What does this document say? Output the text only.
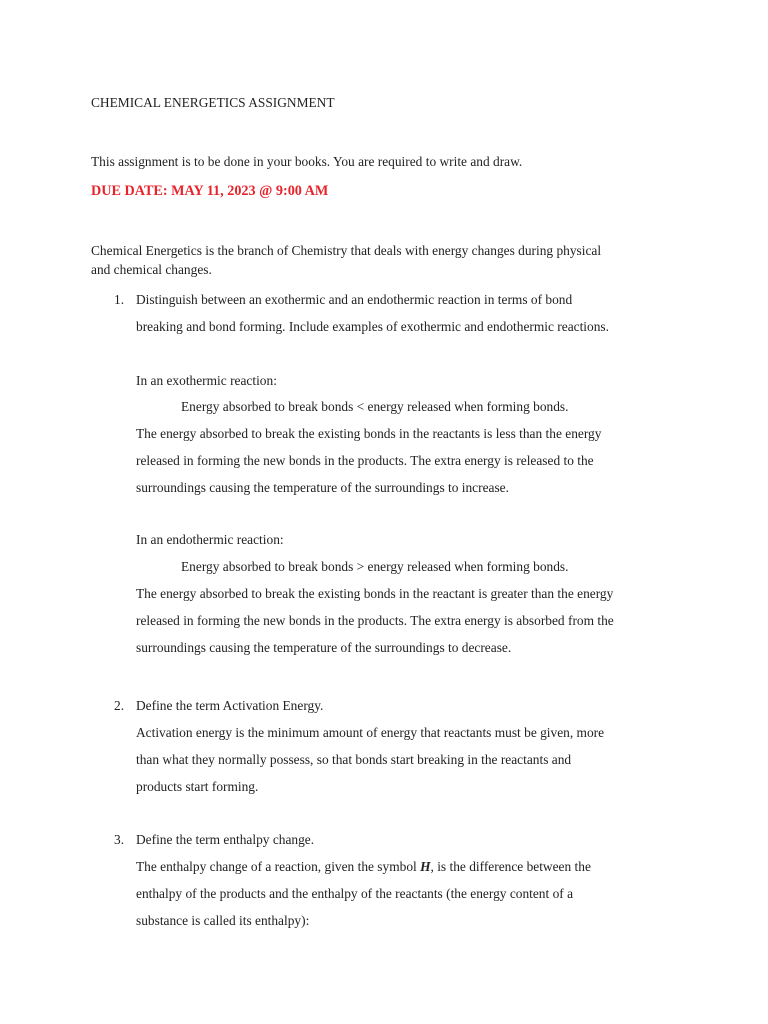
CHEMICAL ENERGETICS ASSIGNMENT
This assignment is to be done in your books. You are required to write and draw.
DUE DATE: MAY 11, 2023 @ 9:00 AM
Chemical Energetics is the branch of Chemistry that deals with energy changes during physical
and chemical changes.
1. Distinguish between an exothermic and an endothermic reaction in terms of bond
breaking and bond forming. Include examples of exothermic and endothermic reactions.
In an exothermic reaction:
Energy absorbed to break bonds < energy released when forming bonds.
The energy absorbed to break the existing bonds in the reactants is less than the energy
released in forming the new bonds in the products. The extra energy is released to the
surroundings causing the temperature of the surroundings to increase.
In an endothermic reaction:
Energy absorbed to break bonds > energy released when forming bonds.
The energy absorbed to break the existing bonds in the reactant is greater than the energy
released in forming the new bonds in the products. The extra energy is absorbed from the
surroundings causing the temperature of the surroundings to decrease.
2. Define the term Activation Energy.
Activation energy is the minimum amount of energy that reactants must be given, more
than what they normally possess, so that bonds start breaking in the reactants and
products start forming.
3. Define the term enthalpy change.
The enthalpy change of a reaction, given the symbol H, is the difference between the
enthalpy of the products and the enthalpy of the reactants (the energy content of a
substance is called its enthalpy):
